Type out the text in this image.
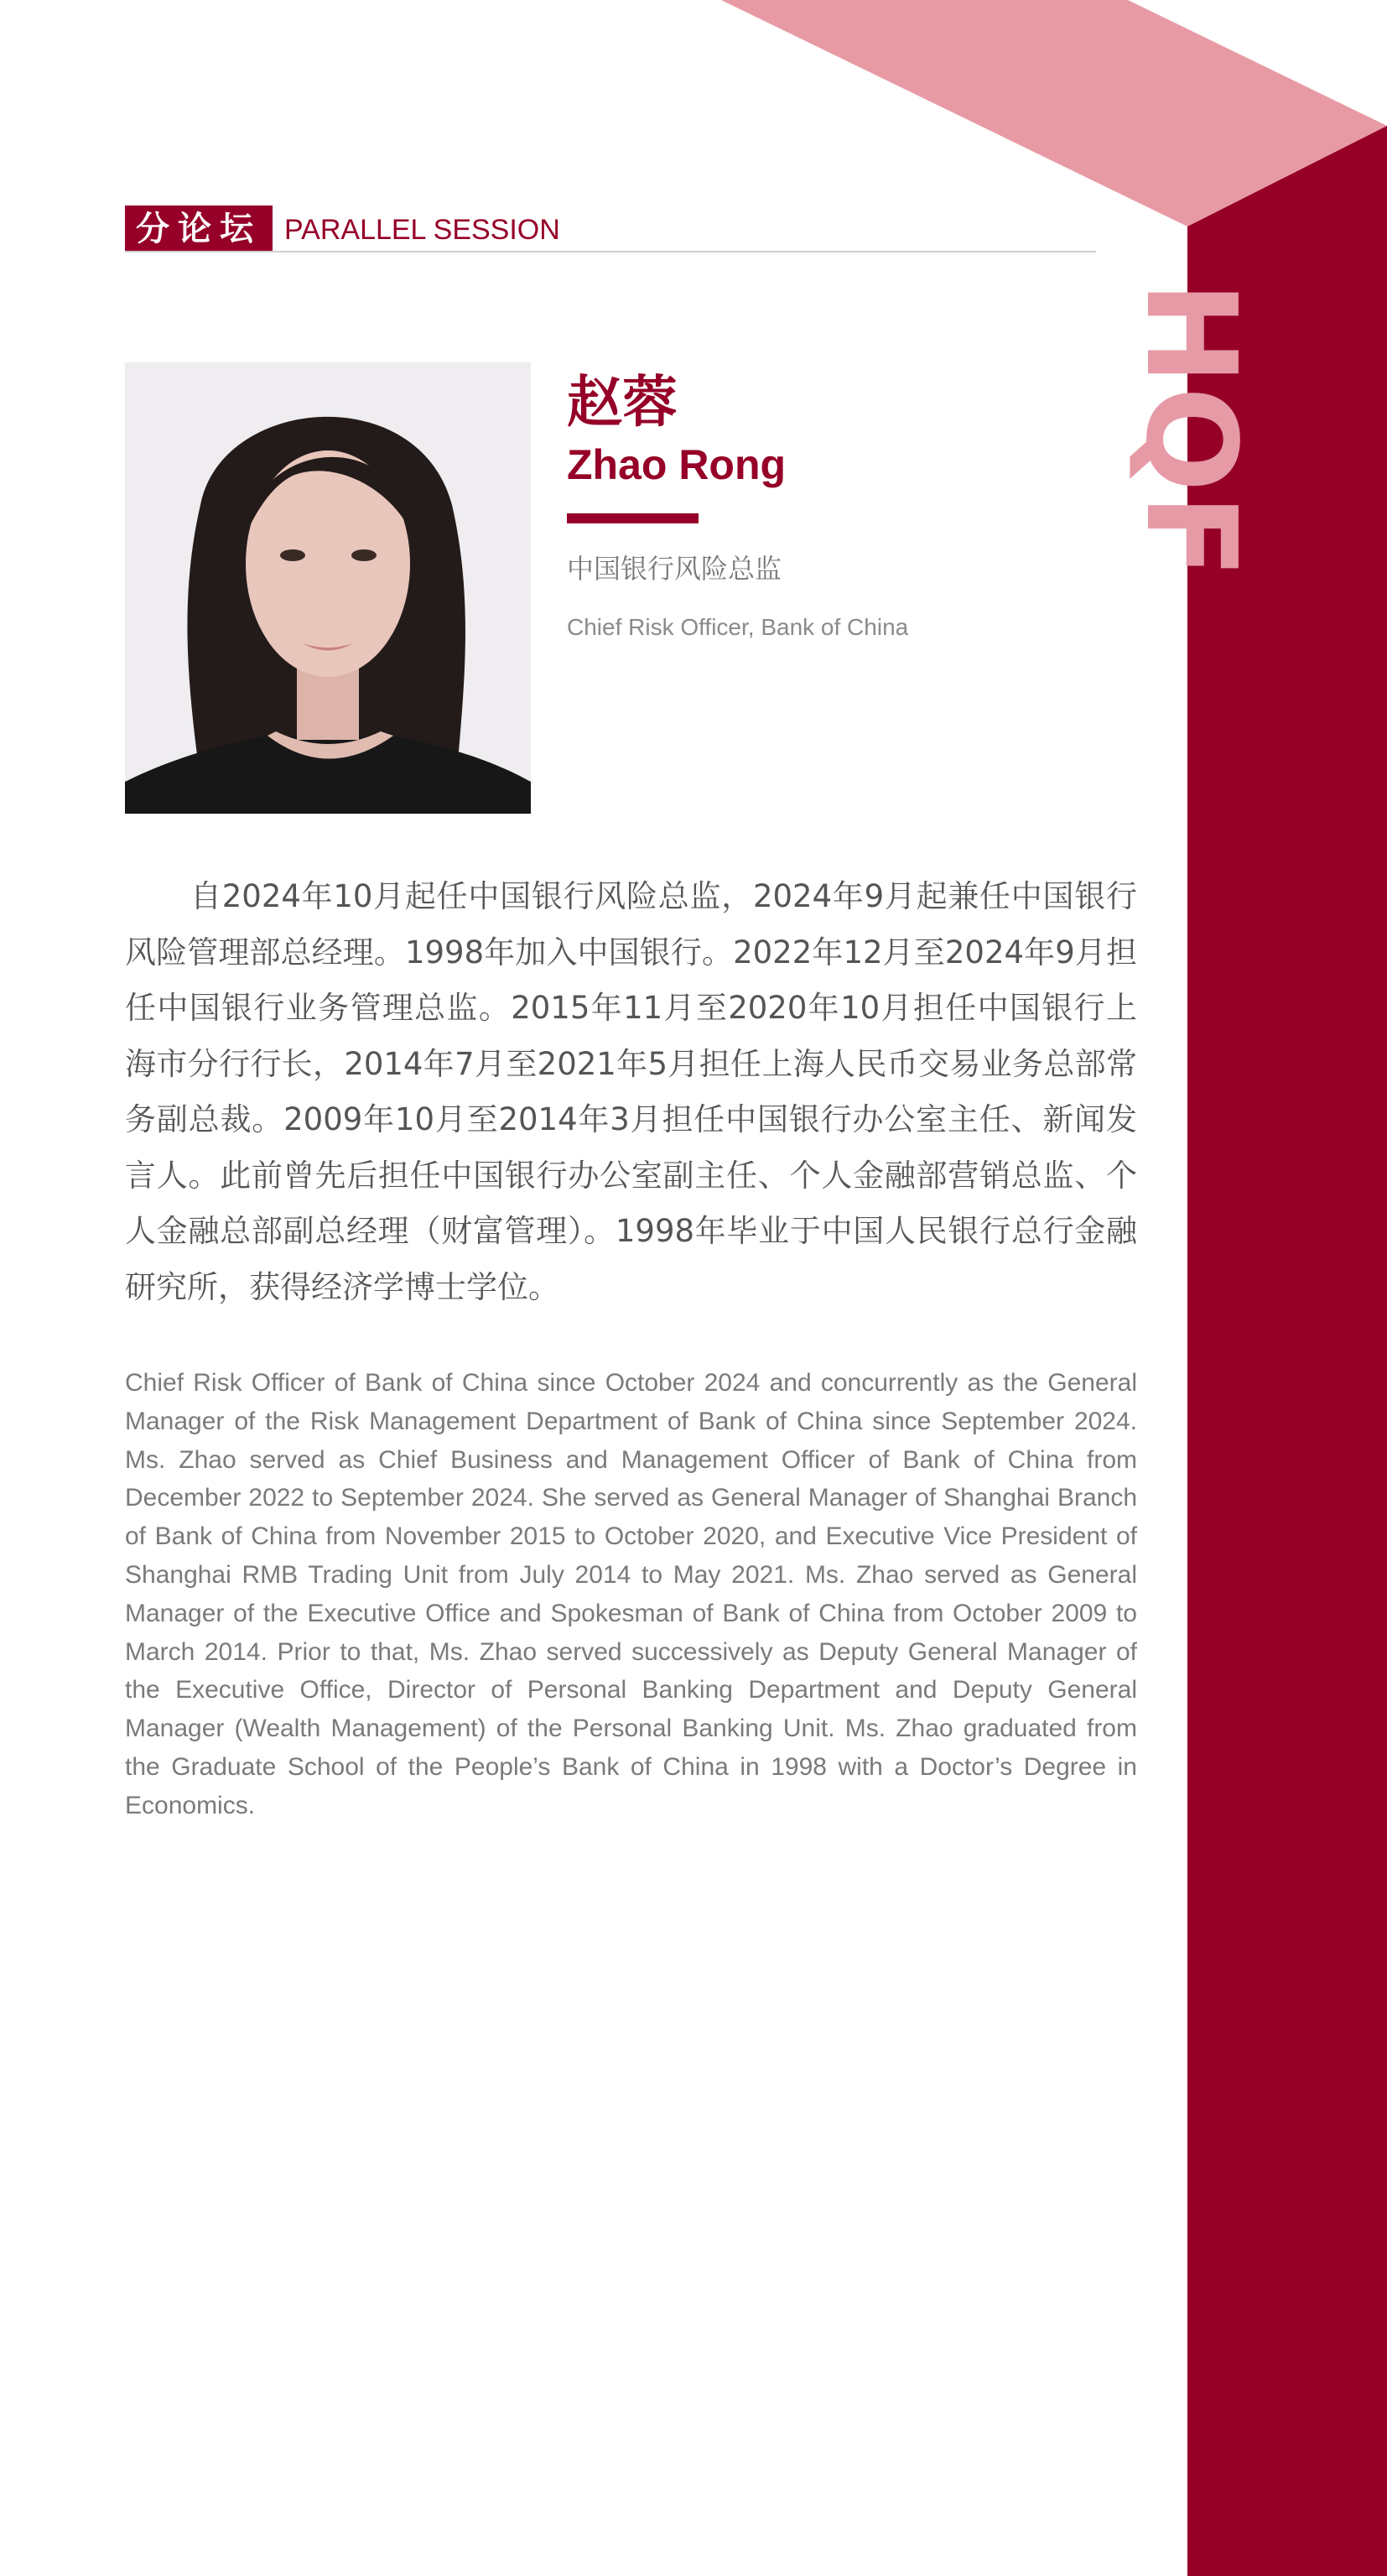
HQF
分论坛 PARALLEL SESSION
赵蓉
Zhao Rong
中国银行风险总监
Chief Risk Officer, Bank of China

自2024年10月起任中国银行风险总监，2024年9月起兼任中国银行风险管理部总经理。1998年加入中国银行。2022年12月至2024年9月担任中国银行业务管理总监。2015年11月至2020年10月担任中国银行上海市分行行长，2014年7月至2021年5月担任上海人民币交易业务总部常务副总裁。2009年10月至2014年3月担任中国银行办公室主任、新闻发言人。此前曾先后担任中国银行办公室副主任、个人金融部营销总监、个人金融总部副总经理（财富管理）。1998年毕业于中国人民银行总行金融研究所，获得经济学博士学位。

Chief Risk Officer of Bank of China since October 2024 and concurrently as the General Manager of the Risk Management Department of Bank of China since September 2024. Ms. Zhao served as Chief Business and Management Officer of Bank of China from December 2022 to September 2024. She served as General Manager of Shanghai Branch of Bank of China from November 2015 to October 2020, and Executive Vice President of Shanghai RMB Trading Unit from July 2014 to May 2021. Ms. Zhao served as General Manager of the Executive Office and Spokesman of Bank of China from October 2009 to March 2014. Prior to that, Ms. Zhao served successively as Deputy General Manager of the Executive Office, Director of Personal Banking Department and Deputy General Manager (Wealth Management) of the Personal Banking Unit. Ms. Zhao graduated from the Graduate School of the People’s Bank of China in 1998 with a Doctor’s Degree in Economics.
